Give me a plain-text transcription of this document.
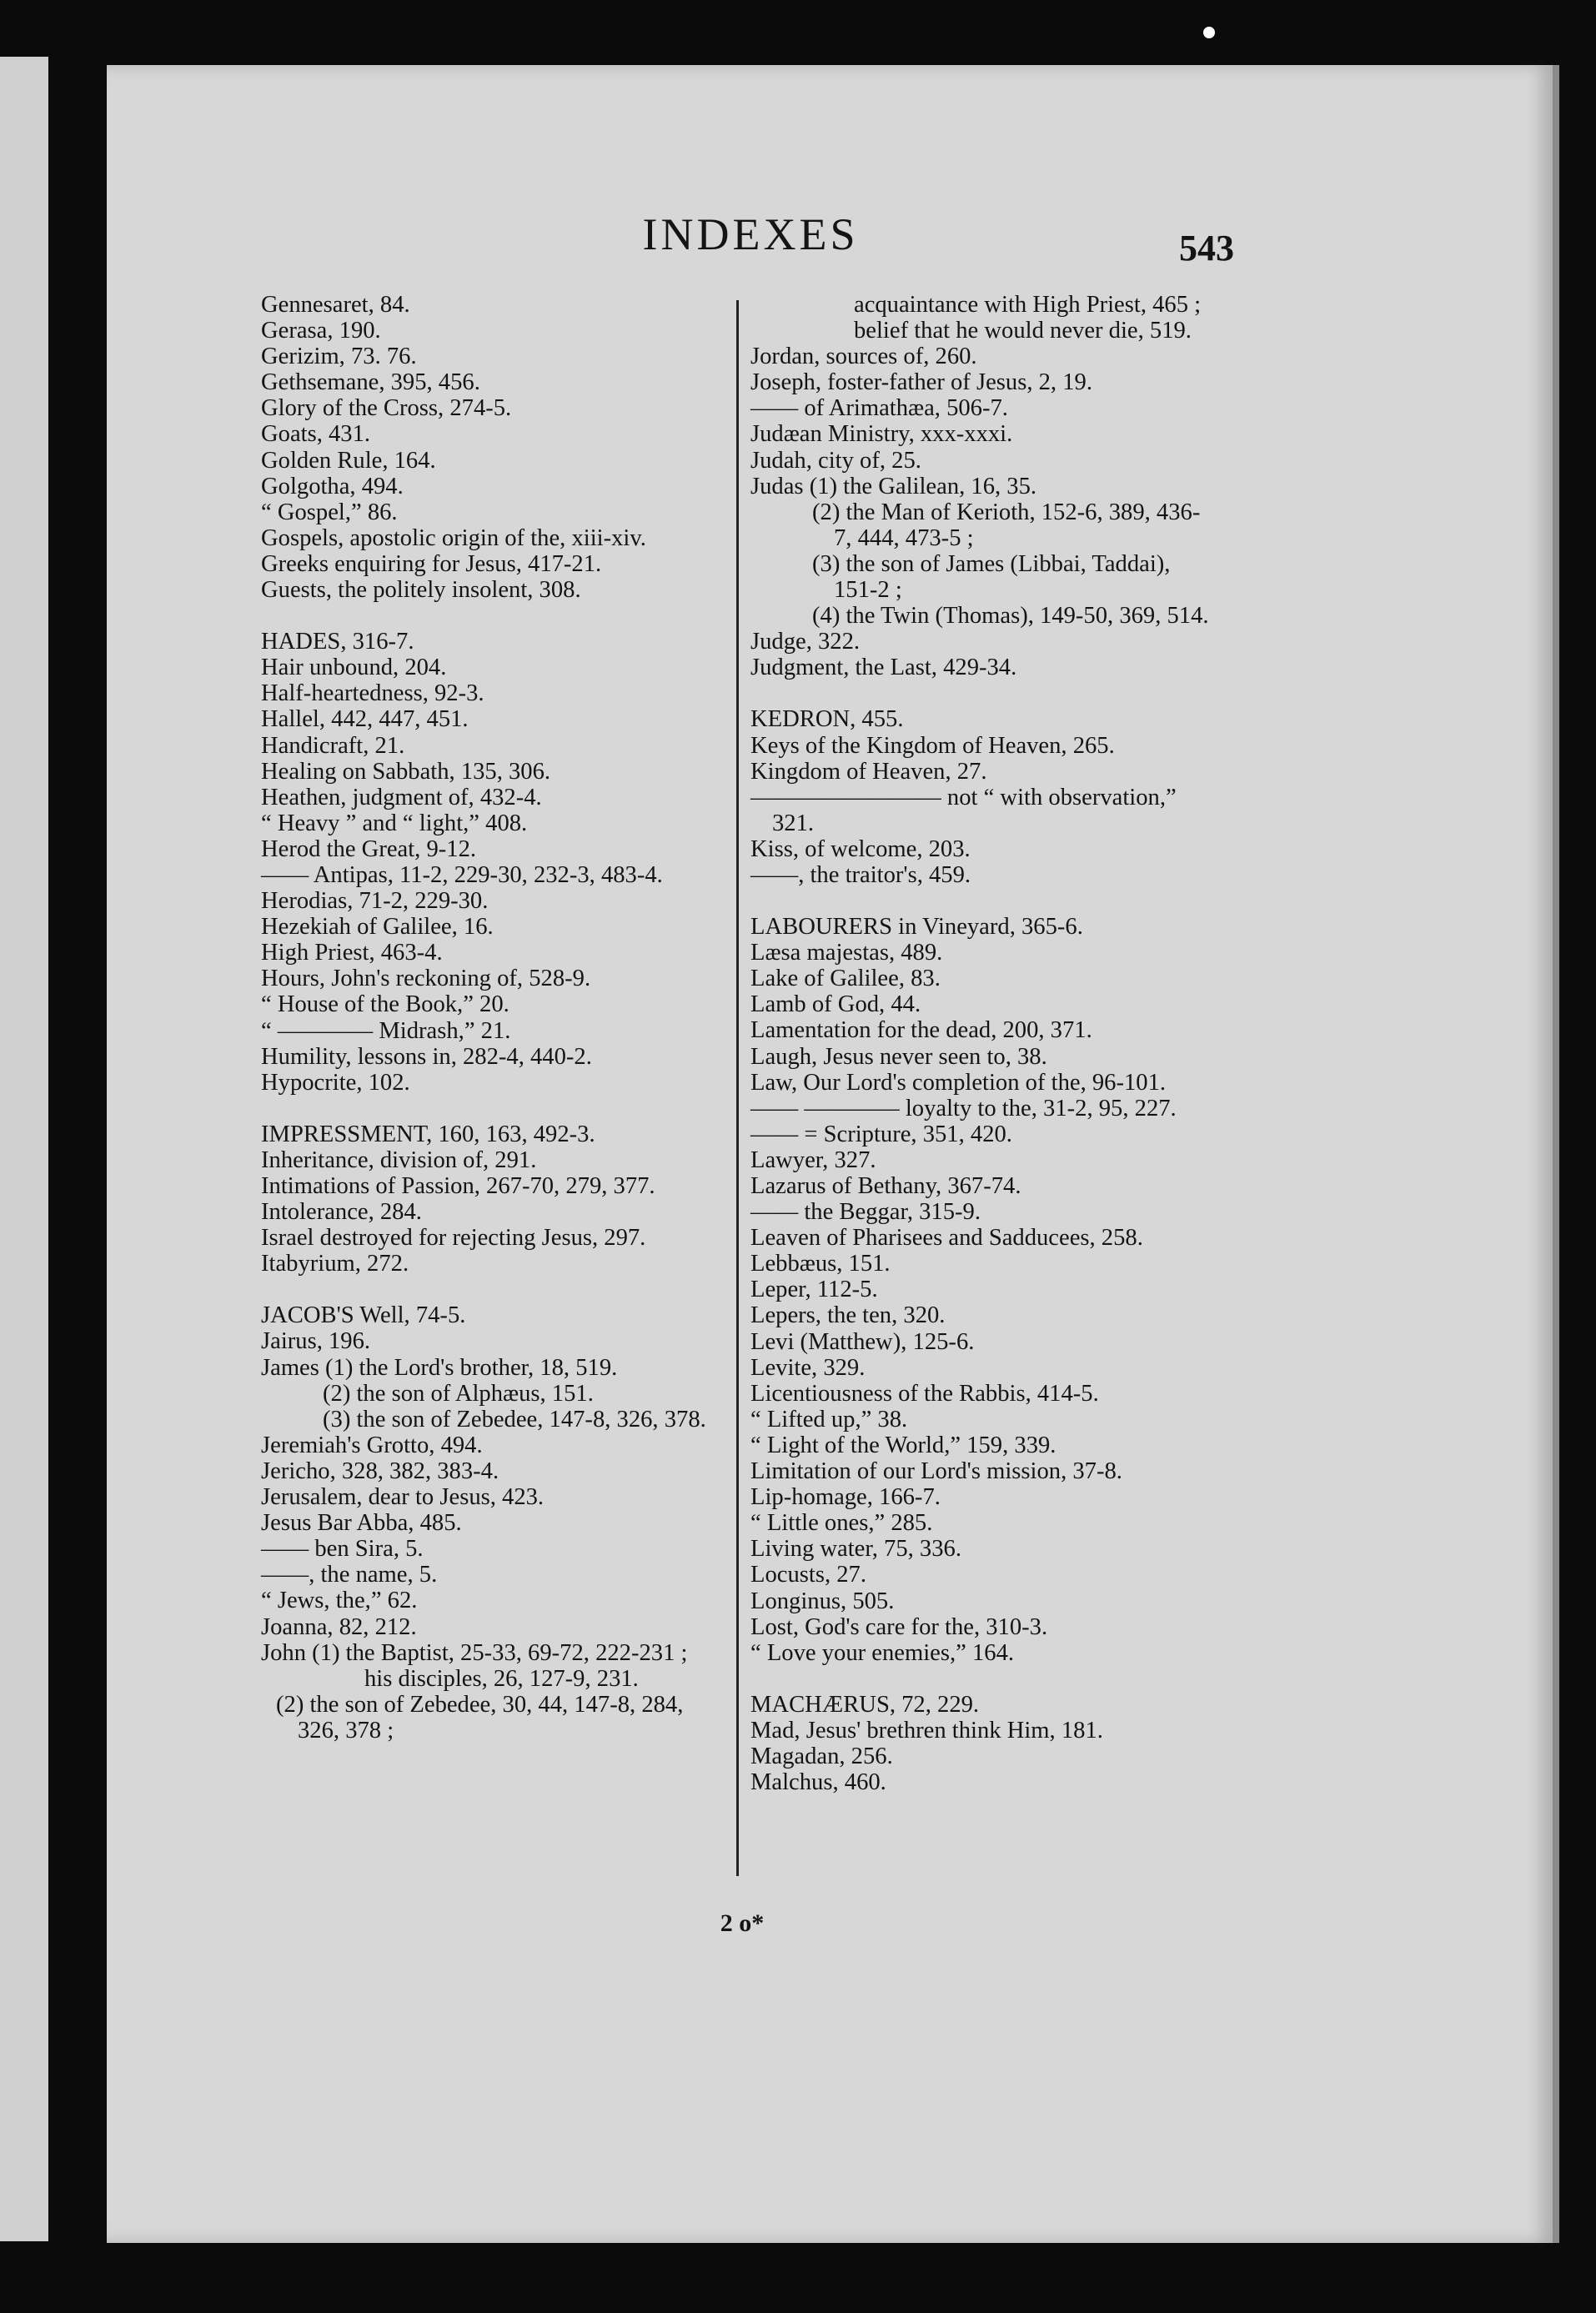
INDEXES	543
Gennesaret, 84.
Gerasa, 190.
Gerizim, 73. 76.
Gethsemane, 395, 456.
Glory of the Cross, 274-5.
Goats, 431.
Golden Rule, 164.
Golgotha, 494.
“ Gospel,” 86.
Gospels, apostolic origin of the, xiii-xiv.
Greeks enquiring for Jesus, 417-21.
Guests, the politely insolent, 308.
HADES, 316-7.
Hair unbound, 204.
Half-heartedness, 92-3.
Hallel, 442, 447, 451.
Handicraft, 21.
Healing on Sabbath, 135, 306.
Heathen, judgment of, 432-4.
“ Heavy ” and “ light,” 408.
Herod the Great, 9-12.
—— Antipas, 11-2, 229-30, 232-3, 483-4.
Herodias, 71-2, 229-30.
Hezekiah of Galilee, 16.
High Priest, 463-4.
Hours, John's reckoning of, 528-9.
“ House of the Book,” 20.
“ ———— Midrash,” 21.
Humility, lessons in, 282-4, 440-2.
Hypocrite, 102.
IMPRESSMENT, 160, 163, 492-3.
Inheritance, division of, 291.
Intimations of Passion, 267-70, 279, 377.
Intolerance, 284.
Israel destroyed for rejecting Jesus, 297.
Itabyrium, 272.
JACOB'S Well, 74-5.
Jairus, 196.
James (1) the Lord's brother, 18, 519.
(2) the son of Alphæus, 151.
(3) the son of Zebedee, 147-8, 326, 378.
Jeremiah's Grotto, 494.
Jericho, 328, 382, 383-4.
Jerusalem, dear to Jesus, 423.
Jesus Bar Abba, 485.
—— ben Sira, 5.
——, the name, 5.
“ Jews, the,” 62.
Joanna, 82, 212.
John (1) the Baptist, 25-33, 69-72, 222-231 ;
his disciples, 26, 127-9, 231.
(2) the son of Zebedee, 30, 44, 147-8, 284, 326, 378 ;
acquaintance with High Priest, 465 ;
belief that he would never die, 519.
Jordan, sources of, 260.
Joseph, foster-father of Jesus, 2, 19.
—— of Arimathæa, 506-7.
Judæan Ministry, xxx-xxxi.
Judah, city of, 25.
Judas (1) the Galilean, 16, 35.
(2) the Man of Kerioth, 152-6, 389, 436-7, 444, 473-5 ;
(3) the son of James (Libbai, Taddai), 151-2 ;
(4) the Twin (Thomas), 149-50, 369, 514.
Judge, 322.
Judgment, the Last, 429-34.
KEDRON, 455.
Keys of the Kingdom of Heaven, 265.
Kingdom of Heaven, 27.
———————— not “ with observation,” 321.
Kiss, of welcome, 203.
——, the traitor's, 459.
LABOURERS in Vineyard, 365-6.
Læsa majestas, 489.
Lake of Galilee, 83.
Lamb of God, 44.
Lamentation for the dead, 200, 371.
Laugh, Jesus never seen to, 38.
Law, Our Lord's completion of the, 96-101.
—— ———— loyalty to the, 31-2, 95, 227.
—— = Scripture, 351, 420.
Lawyer, 327.
Lazarus of Bethany, 367-74.
—— the Beggar, 315-9.
Leaven of Pharisees and Sadducees, 258.
Lebbæus, 151.
Leper, 112-5.
Lepers, the ten, 320.
Levi (Matthew), 125-6.
Levite, 329.
Licentiousness of the Rabbis, 414-5.
“ Lifted up,” 38.
“ Light of the World,” 159, 339.
Limitation of our Lord's mission, 37-8.
Lip-homage, 166-7.
“ Little ones,” 285.
Living water, 75, 336.
Locusts, 27.
Longinus, 505.
Lost, God's care for the, 310-3.
“ Love your enemies,” 164.
MACHÆRUS, 72, 229.
Mad, Jesus' brethren think Him, 181.
Magadan, 256.
Malchus, 460.
2 o*
